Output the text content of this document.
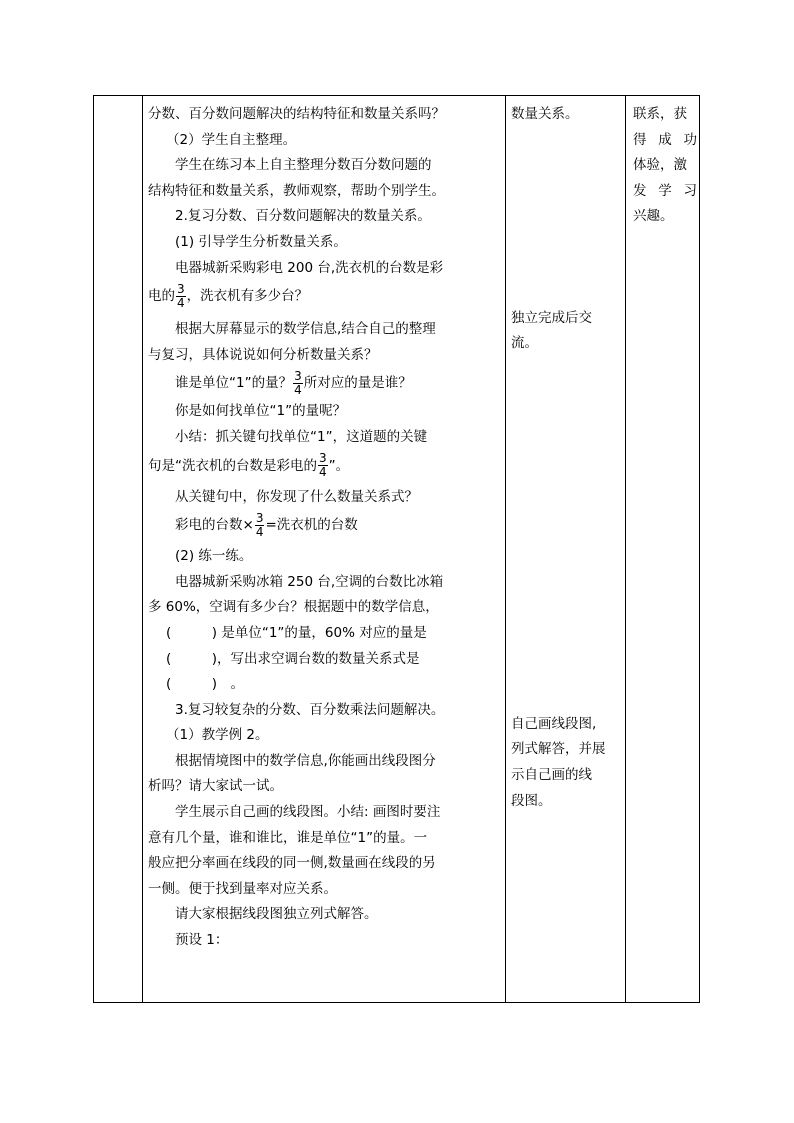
分数、百分数问题解决的结构特征和数量关系吗？
（2）学生自主整理。
学生在练习本上自主整理分数百分数问题的
结构特征和数量关系，教师观察，帮助个别学生。
2.复习分数、百分数问题解决的数量关系。
(1) 引导学生分析数量关系。
电器城新采购彩电 200 台,洗衣机的台数是彩
电的 $\frac{3}{4}$ ，洗衣机有多少台？
根据大屏幕显示的数学信息,结合自己的整理
与复习，具体说说如何分析数量关系？
谁是单位“1”的量？ $\frac{3}{4}$ 所对应的量是谁？
你是如何找单位“1”的量呢？
小结：抓关键句找单位“1”，这道题的关键
句是“洗衣机的台数是彩电的 $\frac{3}{4}$ ”。
从关键句中，你发现了什么数量关系式？
彩电的台数× $\frac{3}{4}$ =洗衣机的台数
(2) 练一练。
电器城新采购冰箱 250 台,空调的台数比冰箱
多 60%，空调有多少台？根据题中的数学信息，
(　　　) 是单位“1”的量，60% 对应的量是
(　　　)，写出求空调台数的数量关系式是
(　　　)　。
3.复习较复杂的分数、百分数乘法问题解决。
（1）教学例 2。
根据情境图中的数学信息,你能画出线段图分
析吗？请大家试一试。
学生展示自己画的线段图。小结: 画图时要注
意有几个量，谁和谁比，谁是单位“1”的量。一
般应把分率画在线段的同一侧,数量画在线段的另
一侧。便于找到量率对应关系。
请大家根据线段图独立列式解答。
预设 1：
数量关系。
独立完成后交
流。
自己画线段图,
列式解答，并展
示自己画的线
段图。
联系，获
得 成 功
体验，激
发 学 习
兴趣。
